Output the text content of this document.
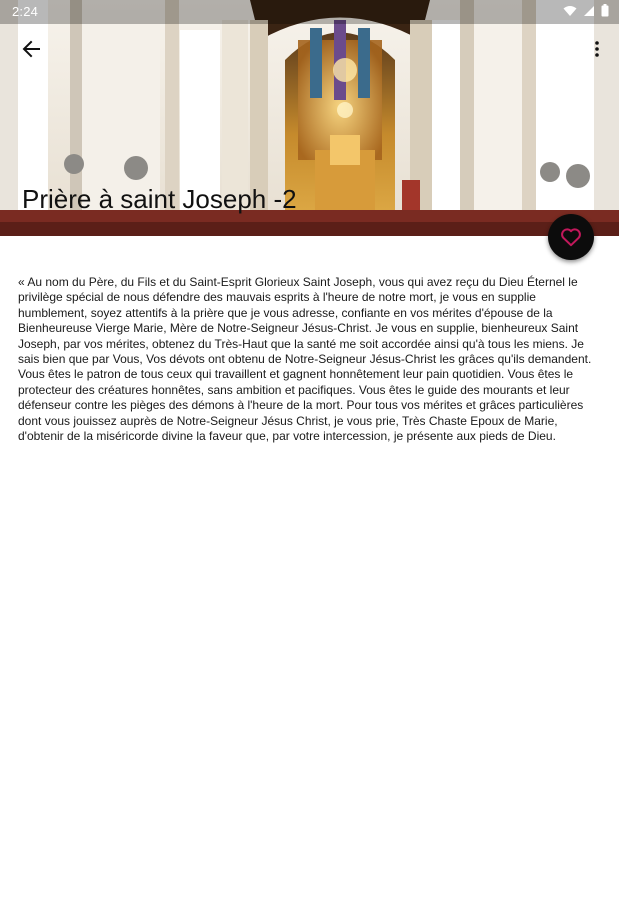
2:24
Prière à saint Joseph -2

« Au nom du Père, du Fils et du Saint-Esprit Glorieux Saint Joseph, vous qui avez reçu du Dieu Éternel le privilège spécial de nous défendre des mauvais esprits à l'heure de notre mort, je vous en supplie humblement, soyez attentifs à la prière que je vous adresse, confiante en vos mérites d'épouse de la Bienheureuse Vierge Marie, Mère de Notre-Seigneur Jésus-Christ. Je vous en supplie, bienheureux Saint Joseph, par vos mérites, obtenez du Très-Haut que la santé me soit accordée ainsi qu'à tous les miens. Je sais bien que par Vous, Vos dévots ont obtenu de Notre-Seigneur Jésus-Christ les grâces qu'ils demandent. Vous êtes le patron de tous ceux qui travaillent et gagnent honnêtement leur pain quotidien. Vous êtes le protecteur des créatures honnêtes, sans ambition et pacifiques. Vous êtes le guide des mourants et leur défenseur contre les pièges des démons à l'heure de la mort. Pour tous vos mérites et grâces particulières dont vous jouissez auprès de Notre-Seigneur Jésus Christ, je vous prie, Très Chaste Epoux de Marie, d'obtenir de la miséricorde divine la faveur que, par votre intercession, je présente aux pieds de Dieu.
